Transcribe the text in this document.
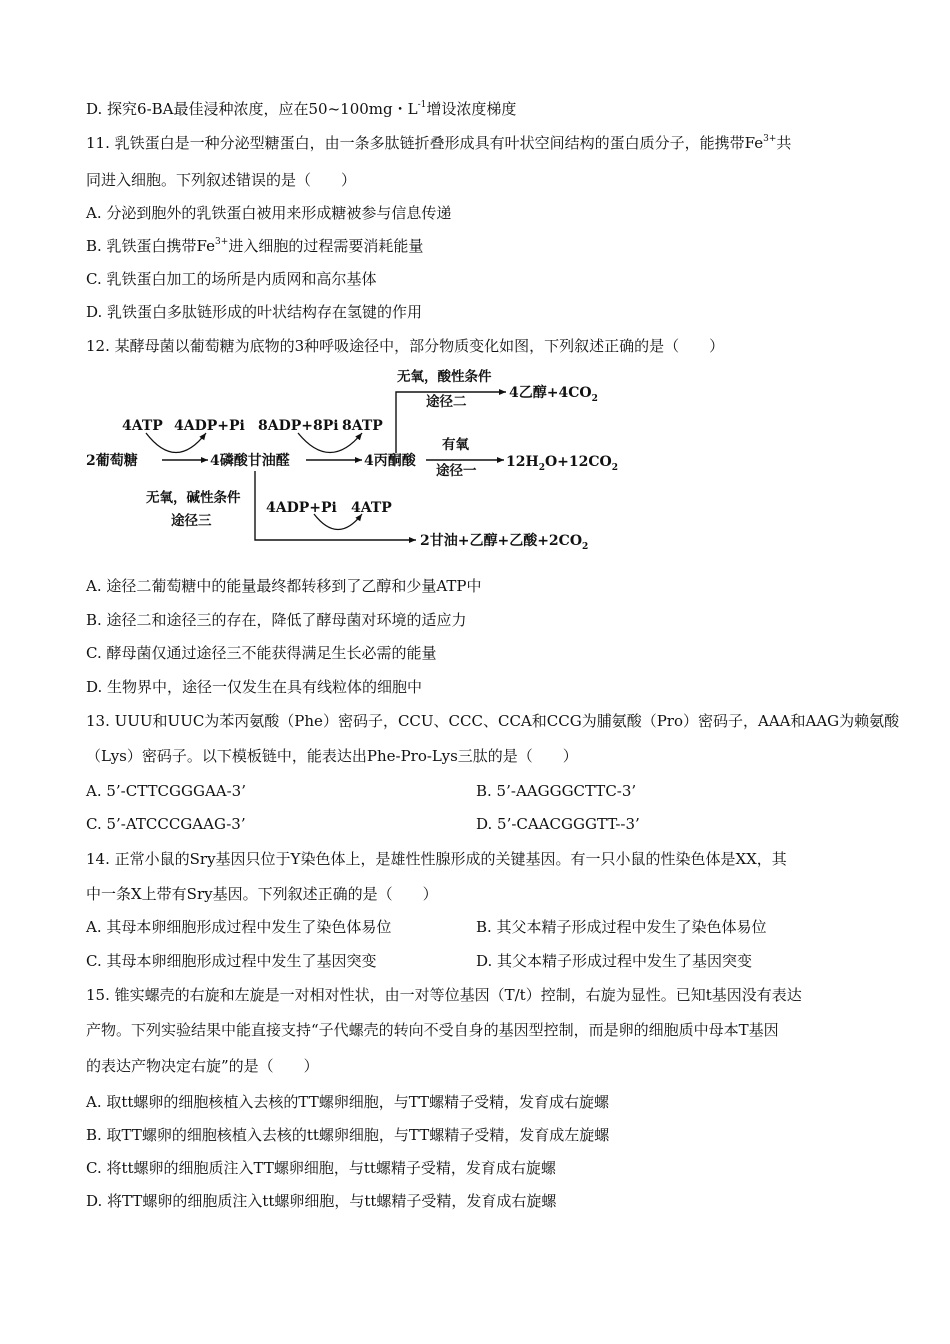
D. 探究6-BA最佳浸种浓度，应在50~100mg・$L^{-1}$增设浓度梯度
11. 乳铁蛋白是一种分泌型糖蛋白，由一条多肽链折叠形成具有叶状空间结构的蛋白质分子，能携带$Fe^{3+}$共
同进入细胞。下列叙述错误的是（　　）
A. 分泌到胞外的乳铁蛋白被用来形成糖被参与信息传递
B. 乳铁蛋白携带$Fe^{3+}$进入细胞的过程需要消耗能量
C. 乳铁蛋白加工的场所是内质网和高尔基体
D. 乳铁蛋白多肽链形成的叶状结构存在氢键的作用
12. 某酵母菌以葡萄糖为底物的3种呼吸途径中，部分物质变化如图，下列叙述正确的是（　　）
2葡萄糖	4磷酸甘油醛	4丙酮酸
4ATP 4ADP+Pi 8ADP+8Pi 8ATP
无氧，酸性条件
途径二
4乙醇$+4CO_2$
有氧
途径一
$12H_2O+12CO_2$
无氧，碱性条件
途径三
4ADP+Pi 4ATP
2甘油+乙醇+乙酸$+2CO_2$
A. 途径二葡萄糖中的能量最终都转移到了乙醇和少量ATP中
B. 途径二和途径三的存在，降低了酵母菌对环境的适应力
C. 酵母菌仅通过途径三不能获得满足生长必需的能量
D. 生物界中，途径一仅发生在具有线粒体的细胞中
13. UUU和UUC为苯丙氨酸（Phe）密码子，CCU、CCC、CCA和CCG为脯氨酸（Pro）密码子，AAA和AAG为赖氨酸
（Lys）密码子。以下模板链中，能表达出Phe-Pro-Lys三肽的是（　　）
A. 5’-CTTCGGGAA-3’	B. 5’-AAGGGCTTC-3’
C. 5’-ATCCCGAAG-3’	D. 5’-CAACGGGTT--3’
14. 正常小鼠的Sry基因只位于Y染色体上，是雄性性腺形成的关键基因。有一只小鼠的性染色体是XX，其
中一条X上带有Sry基因。下列叙述正确的是（　　）
A. 其母本卵细胞形成过程中发生了染色体易位	B. 其父本精子形成过程中发生了染色体易位
C. 其母本卵细胞形成过程中发生了基因突变	D. 其父本精子形成过程中发生了基因突变
15. 锥实螺壳的右旋和左旋是一对相对性状，由一对等位基因（T/t）控制，右旋为显性。已知t基因没有表达
产物。下列实验结果中能直接支持“子代螺壳的转向不受自身的基因型控制，而是卵的细胞质中母本T基因
的表达产物决定右旋”的是（　　）
A. 取tt螺卵的细胞核植入去核的TT螺卵细胞，与TT螺精子受精，发育成右旋螺
B. 取TT螺卵的细胞核植入去核的tt螺卵细胞，与TT螺精子受精，发育成左旋螺
C. 将tt螺卵的细胞质注入TT螺卵细胞，与tt螺精子受精，发育成右旋螺
D. 将TT螺卵的细胞质注入tt螺卵细胞，与tt螺精子受精，发育成右旋螺
